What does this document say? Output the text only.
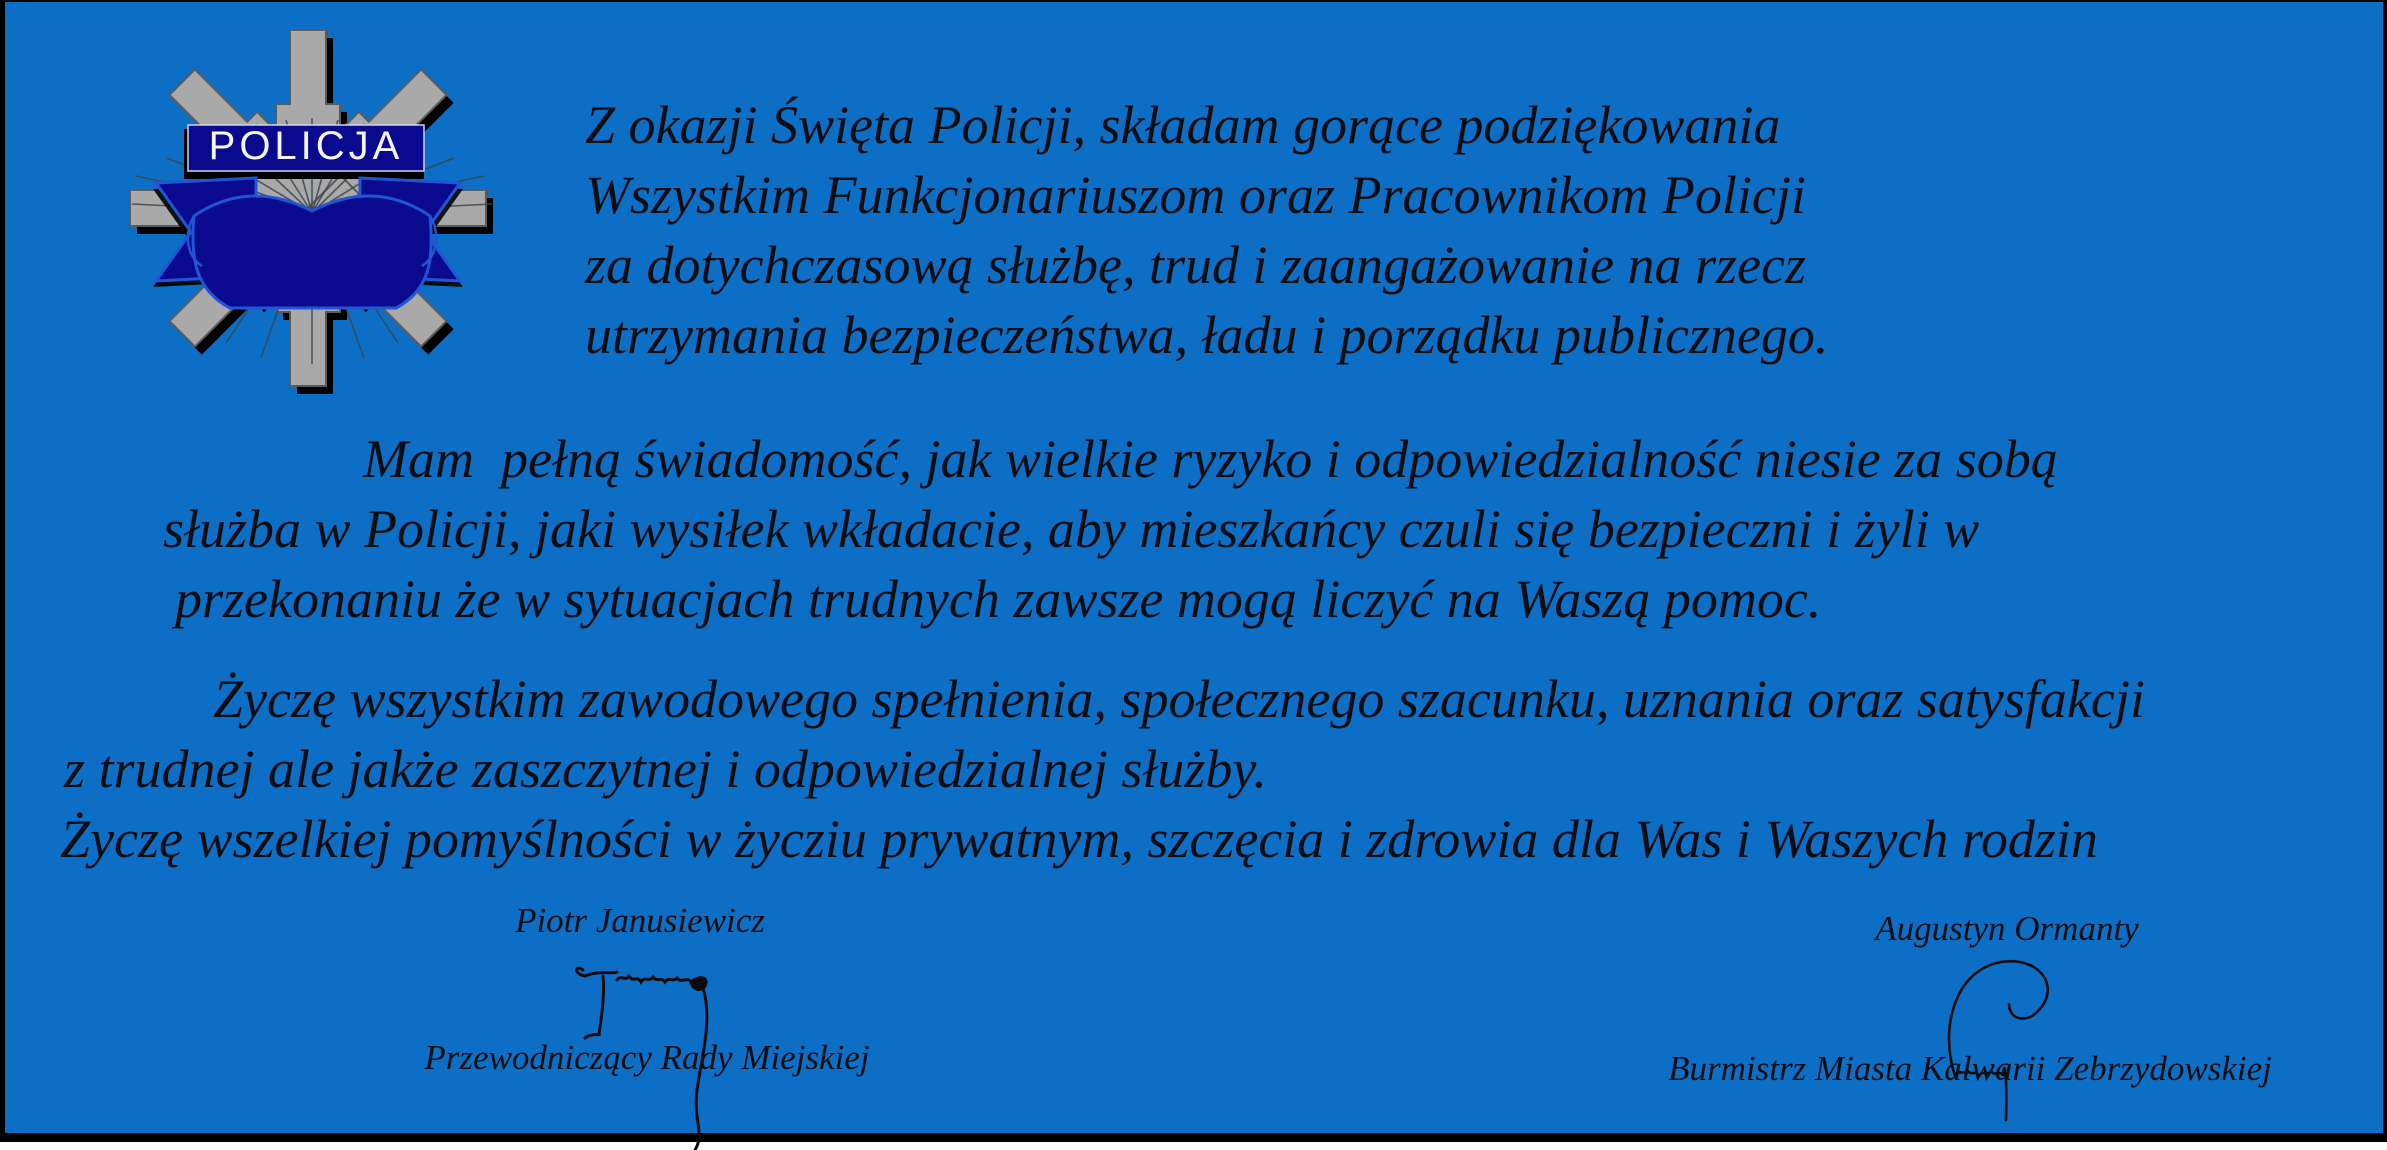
POLICJA	Z okazji Święta Policji, składam gorące podziękowania
Wszystkim Funkcjonariuszom oraz Pracownikom Policji
za dotychczasową służbę, trud i zaangażowanie na rzecz
utrzymania bezpieczeństwa, ładu i porządku publicznego.
Mam  pełną świadomość, jak wielkie ryzyko i odpowiedzialność niesie za sobą
służba w Policji, jaki wysiłek wkładacie, aby mieszkańcy czuli się bezpieczni i żyli w
przekonaniu że w sytuacjach trudnych zawsze mogą liczyć na Waszą pomoc.
Życzę wszystkim zawodowego spełnienia, społecznego szacunku, uznania oraz satysfakcji
z trudnej ale jakże zaszczytnej i odpowiedzialnej służby.
Życzę wszelkiej pomyślności w życziu prywatnym, szczęcia i zdrowia dla Was i Waszych rodzin
Piotr Janusiewicz
Przewodniczący Rady Miejskiej
Augustyn Ormanty
Burmistrz Miasta Kalwarii Zebrzydowskiej
